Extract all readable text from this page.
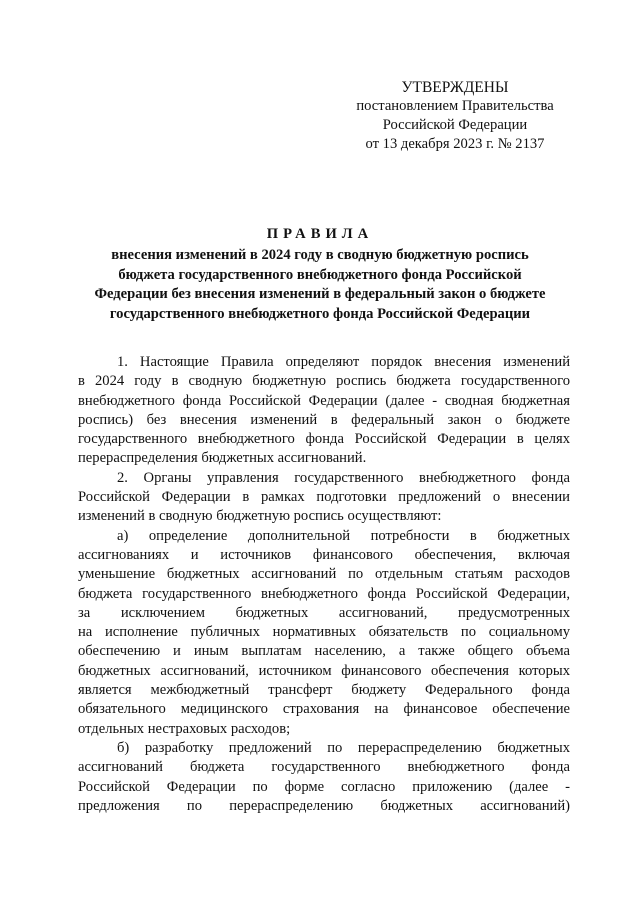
УТВЕРЖДЕНЫ
постановлением Правительства
Российской Федерации
от 13 декабря 2023 г. № 2137
ПРАВИЛА
внесения изменений в 2024 году в сводную бюджетную роспись
бюджета государственного внебюджетного фонда Российской
Федерации без внесения изменений в федеральный закон о бюджете
государственного внебюджетного фонда Российской Федерации
1. Настоящие Правила определяют порядок внесения изменений
в 2024 году в сводную бюджетную роспись бюджета государственного
внебюджетного фонда Российской Федерации (далее - сводная бюджетная
роспись) без внесения изменений в федеральный закон о бюджете
государственного внебюджетного фонда Российской Федерации в целях
перераспределения бюджетных ассигнований.
2. Органы управления государственного внебюджетного фонда
Российской Федерации в рамках подготовки предложений о внесении
изменений в сводную бюджетную роспись осуществляют:
а) определение дополнительной потребности в бюджетных
ассигнованиях и источников финансового обеспечения, включая
уменьшение бюджетных ассигнований по отдельным статьям расходов
бюджета государственного внебюджетного фонда Российской Федерации,
за исключением бюджетных ассигнований, предусмотренных
на исполнение публичных нормативных обязательств по социальному
обеспечению и иным выплатам населению, а также общего объема
бюджетных ассигнований, источником финансового обеспечения которых
является межбюджетный трансферт бюджету Федерального фонда
обязательного медицинского страхования на финансовое обеспечение
отдельных нестраховых расходов;
б) разработку предложений по перераспределению бюджетных
ассигнований бюджета государственного внебюджетного фонда
Российской Федерации по форме согласно приложению (далее -
предложения по перераспределению бюджетных ассигнований)
